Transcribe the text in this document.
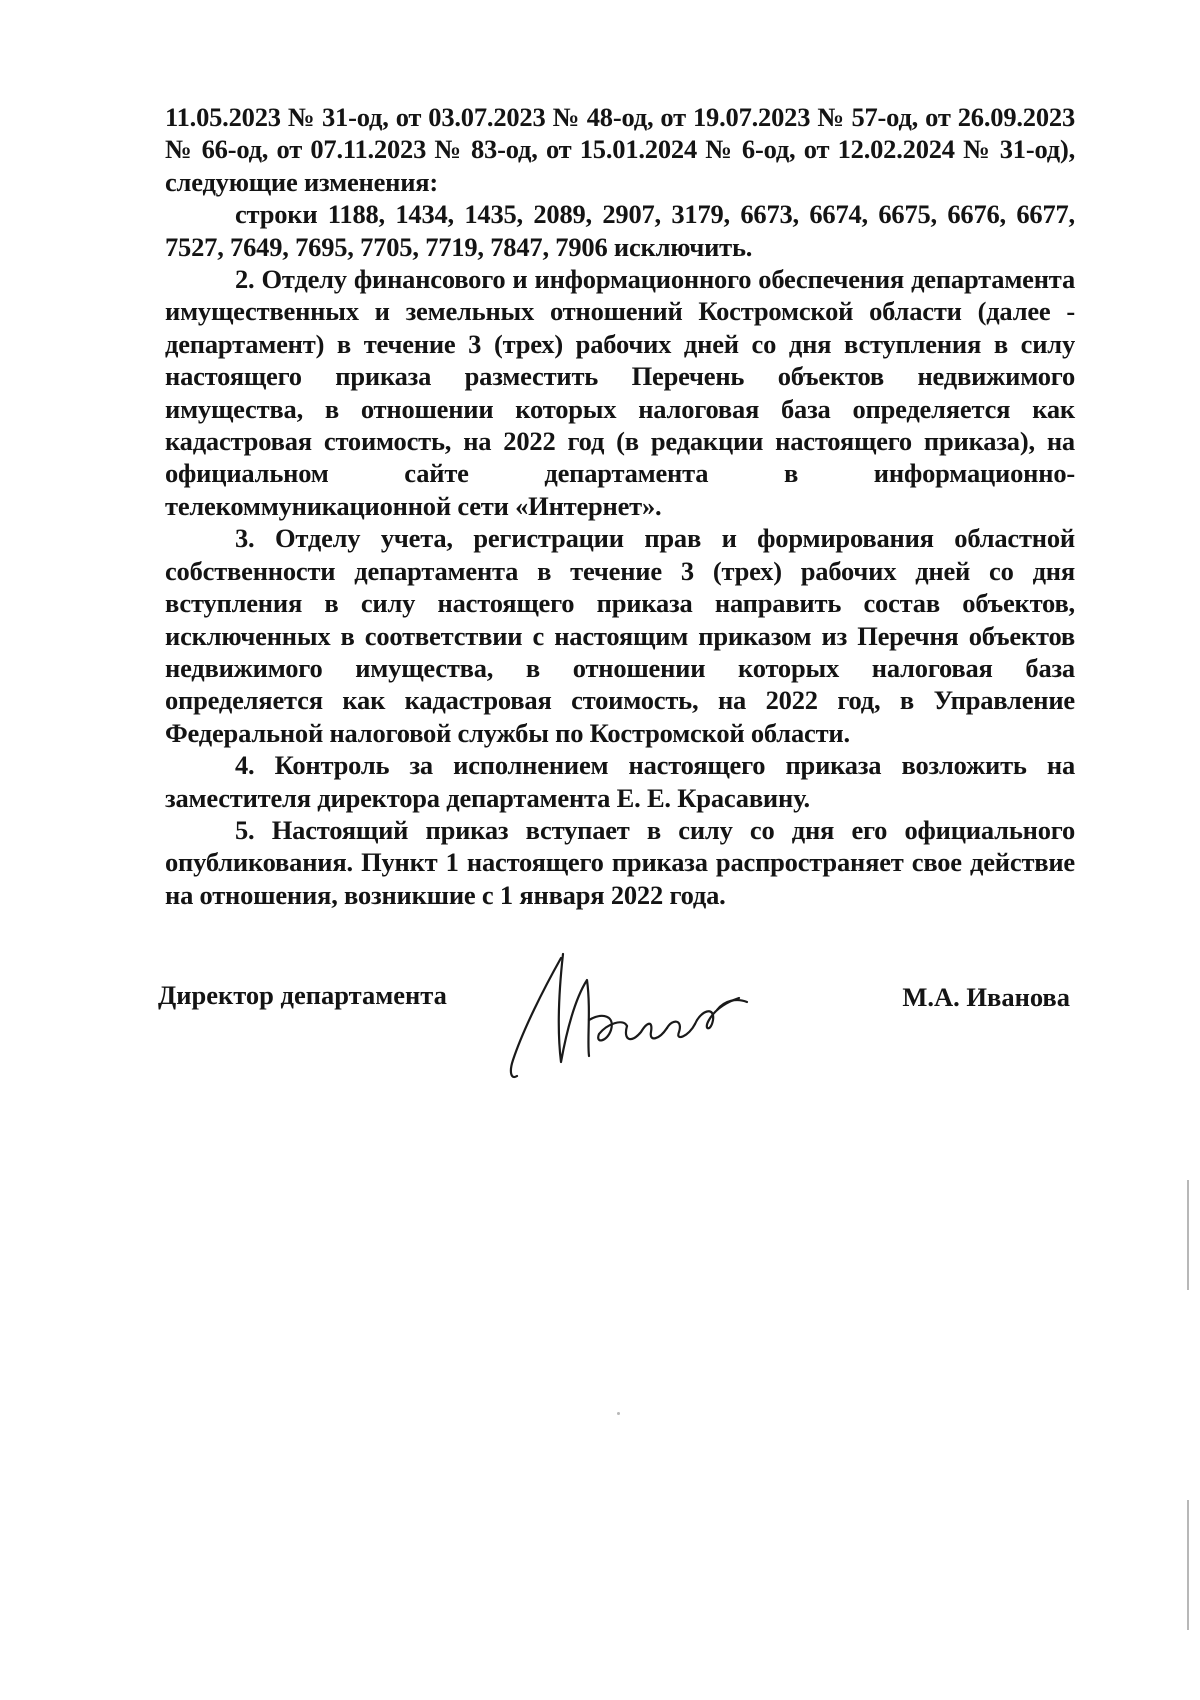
11.05.2023 № 31-од, от 03.07.2023 № 48-од, от 19.07.2023 № 57-од, от 26.09.2023 № 66-од, от 07.11.2023 № 83-од, от 15.01.2024 № 6-од, от 12.02.2024 № 31-од), следующие изменения:

строки 1188, 1434, 1435, 2089, 2907, 3179, 6673, 6674, 6675, 6676, 6677, 7527, 7649, 7695, 7705, 7719, 7847, 7906 исключить.

2. Отделу финансового и информационного обеспечения департамента имущественных и земельных отношений Костромской области (далее - департамент) в течение 3 (трех) рабочих дней со дня вступления в силу настоящего приказа разместить Перечень объектов недвижимого имущества, в отношении которых налоговая база определяется как кадастровая стоимость, на 2022 год (в редакции настоящего приказа), на официальном сайте департамента в информационно-телекоммуникационной сети «Интернет».

3. Отделу учета, регистрации прав и формирования областной собственности департамента в течение 3 (трех) рабочих дней со дня вступления в силу настоящего приказа направить состав объектов, исключенных в соответствии с настоящим приказом из Перечня объектов недвижимого имущества, в отношении которых налоговая база определяется как кадастровая стоимость, на 2022 год, в Управление Федеральной налоговой службы по Костромской области.

4. Контроль за исполнением настоящего приказа возложить на заместителя директора департамента Е. Е. Красавину.

5. Настоящий приказ вступает в силу со дня его официального опубликования. Пункт 1 настоящего приказа распространяет свое действие на отношения, возникшие с 1 января 2022 года.

Директор департамента	М.А. Иванова
